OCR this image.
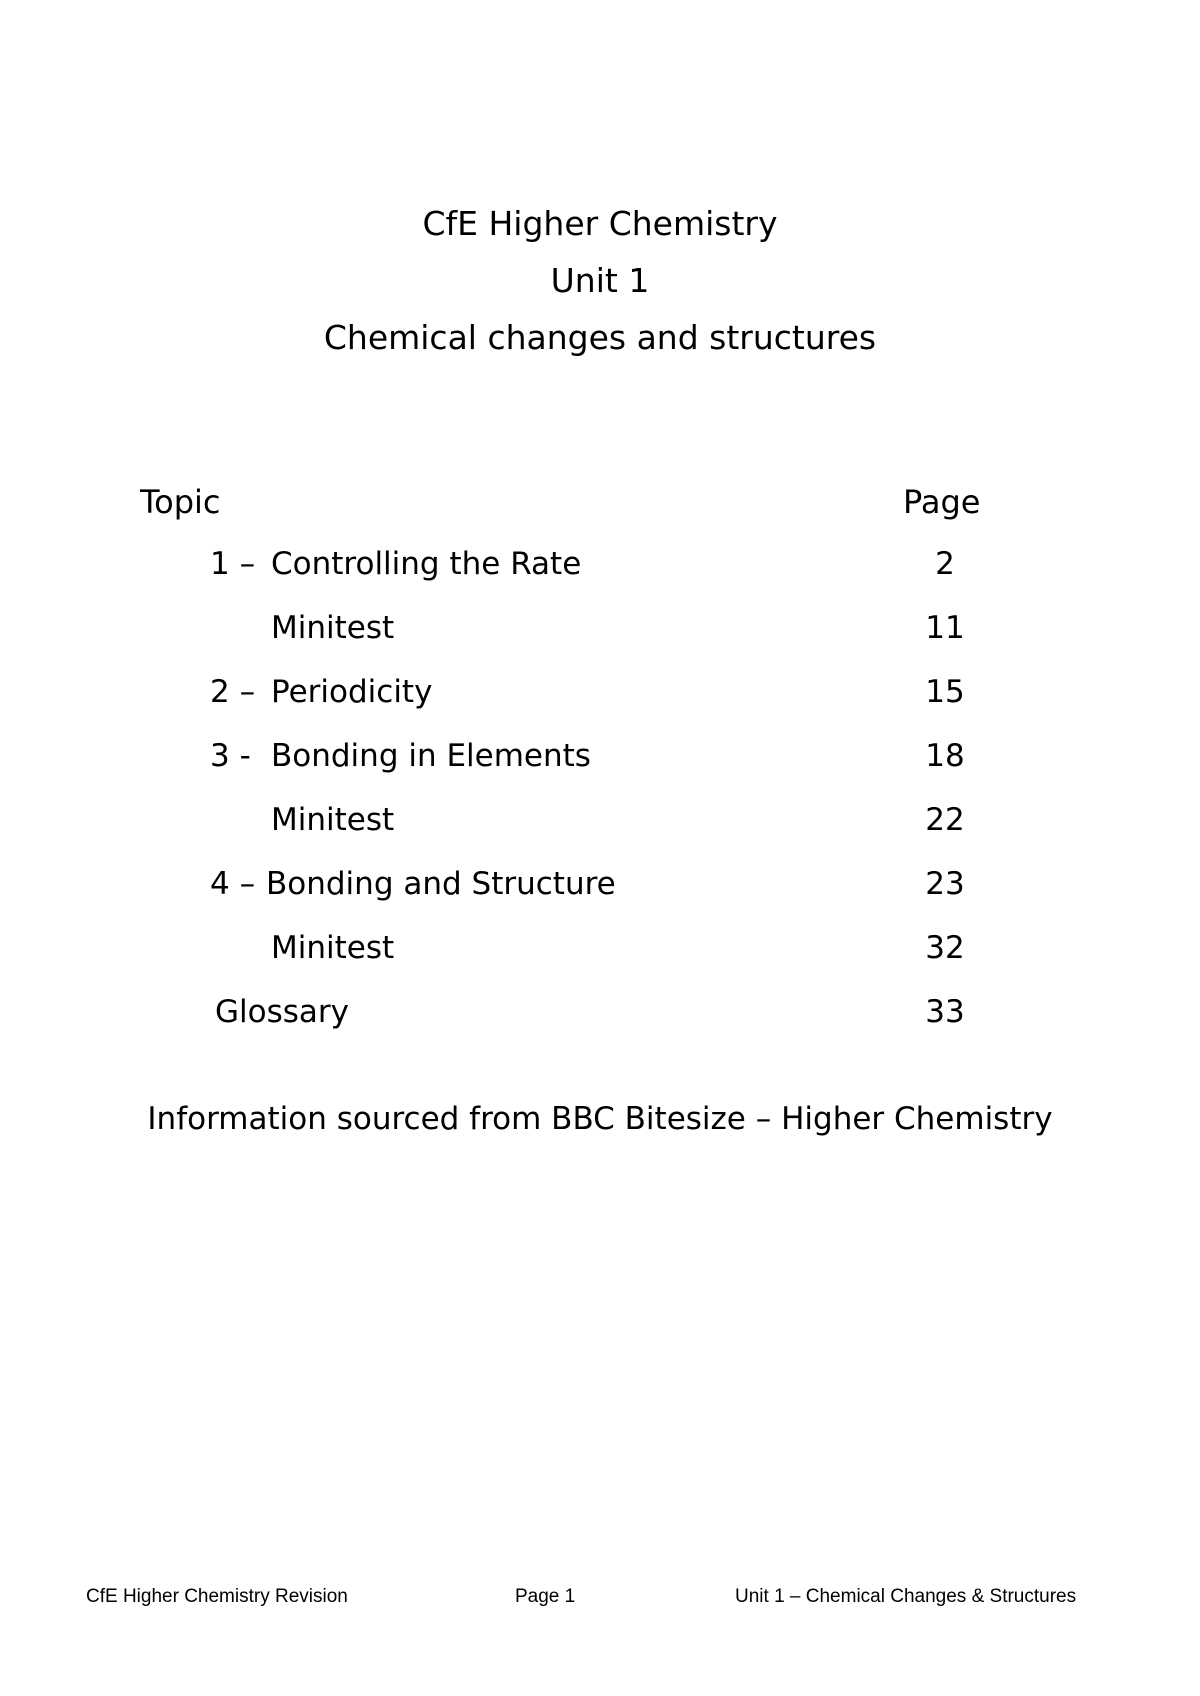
CfE Higher Chemistry
Unit 1
Chemical changes and structures
Topic	Page
1 – Controlling the Rate	2
Minitest	11
2 – Periodicity	15
3 - Bonding in Elements	18
Minitest	22
4 – Bonding and Structure	23
Minitest	32
Glossary	33
Information sourced from BBC Bitesize – Higher Chemistry
CfE Higher Chemistry Revision	Page 1	Unit 1 – Chemical Changes & Structures
